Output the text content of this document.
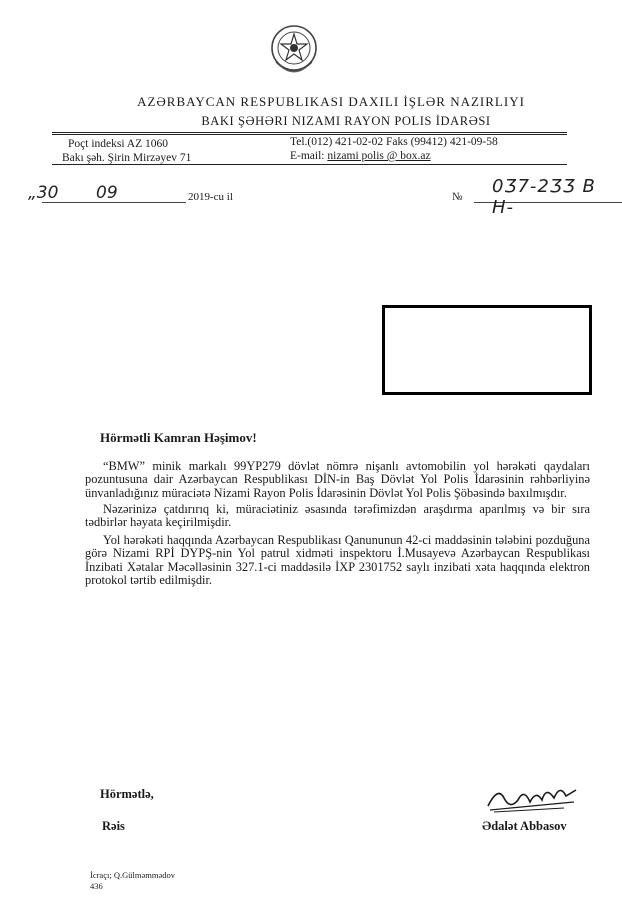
AZƏRBAYCAN RESPUBLIKASI DAXILI İŞLƏR NAZIRLIYI
BAKI ŞƏHƏRI NIZAMI RAYON POLIS İDARƏSI
Poçt indeksi AZ 1060
Bakı şəh. Şirin Mirzəyev 71
Tel.(012) 421-02-02 Faks (99412) 421-09-58
E-mail: nizami polis @ box.az
„30 09	2019-cu il	№ 0Ʒ7-2ƷƷ B H-
Hörmətli Kamran Həşimov!
“BMW” minik markalı 99YP279 dövlət nömrə nişanlı avtomobilin yol hərəkəti qaydaları pozuntusuna dair Azərbaycan Respublikası DİN-in Baş Dövlət Yol Polis İdarəsinin rəhbərliyinə ünvanladığınız müraciətə Nizami Rayon Polis İdarəsinin Dövlət Yol Polis Şöbəsində baxılmışdır.
Nəzərinizə çatdırırıq ki, müraciətiniz əsasında tərəfimizdən araşdırma aparılmış və bir sıra tədbirlər həyata keçirilmişdir.
Yol hərəkəti haqqında Azərbaycan Respublikası Qanununun 42-ci maddəsinin tələbini pozduğuna görə Nizami RPİ DYPŞ-nin Yol patrul xidməti inspektoru İ.Musayevə Azərbaycan Respublikası İnzibati Xətalar Məcəlləsinin 327.1-ci maddəsilə İXP 2301752 saylı inzibati xəta haqqında elektron protokol tərtib edilmişdir.
Hörmətlə,
Rəis	Ədalət Abbasov
İcraçı; Q.Gülməmmədov
436
